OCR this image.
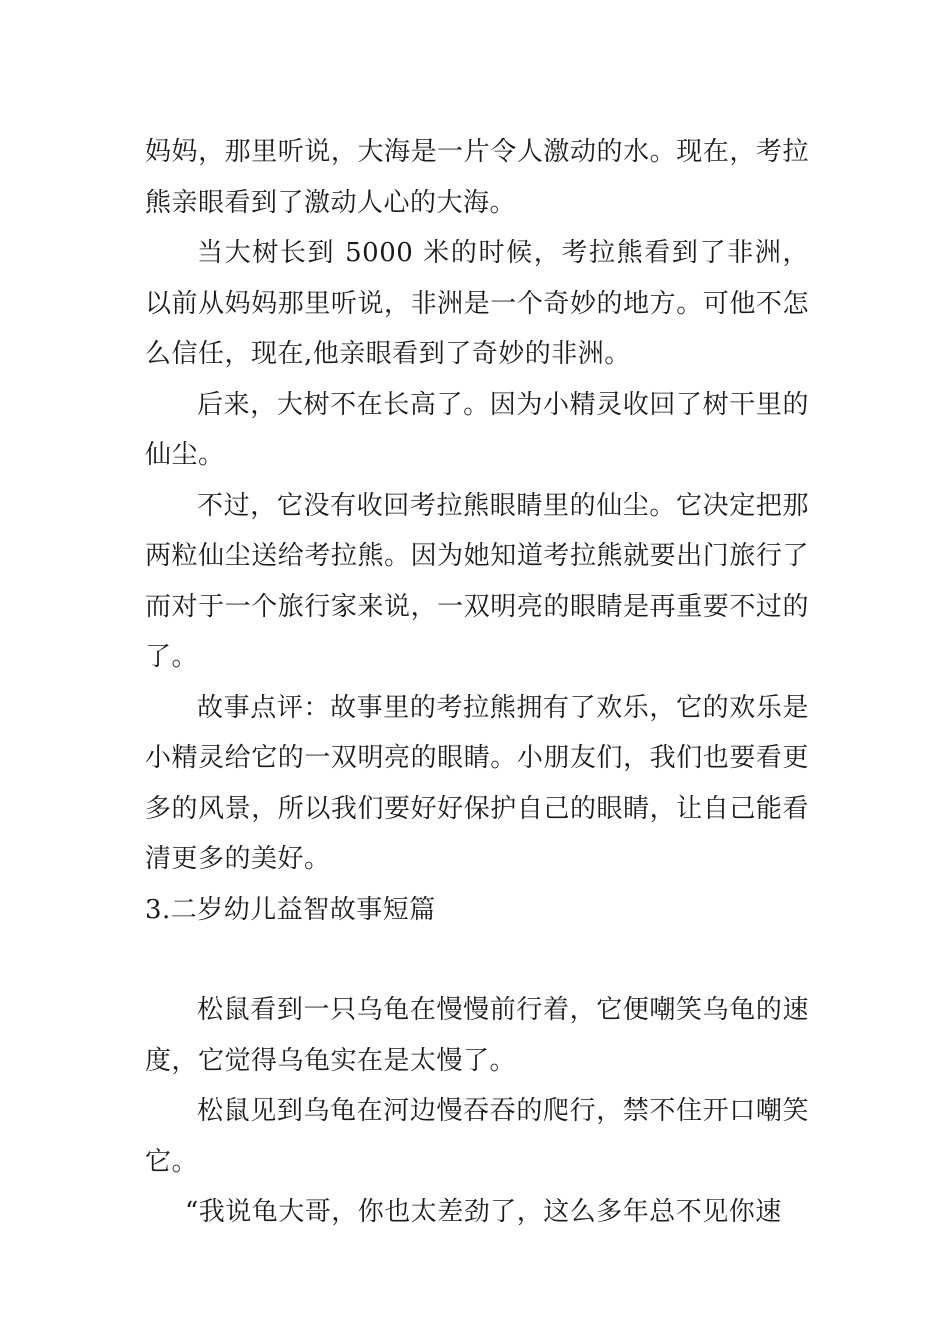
妈妈，那里听说，大海是一片令人激动的水。现在，考拉熊亲眼看到了激动人心的大海。

当大树长到 5000 米的时候，考拉熊看到了非洲，以前从妈妈那里听说，非洲是一个奇妙的地方。可他不怎么信任，现在,他亲眼看到了奇妙的非洲。

后来，大树不在长高了。因为小精灵收回了树干里的仙尘。

不过，它没有收回考拉熊眼睛里的仙尘。它决定把那两粒仙尘送给考拉熊。因为她知道考拉熊就要出门旅行了而对于一个旅行家来说，一双明亮的眼睛是再重要不过的了。

故事点评：故事里的考拉熊拥有了欢乐，它的欢乐是小精灵给它的一双明亮的眼睛。小朋友们，我们也要看更多的风景，所以我们要好好保护自己的眼睛，让自己能看清更多的美好。

3.二岁幼儿益智故事短篇

松鼠看到一只乌龟在慢慢前行着，它便嘲笑乌龟的速度，它觉得乌龟实在是太慢了。

松鼠见到乌龟在河边慢吞吞的爬行，禁不住开口嘲笑它。

“我说龟大哥，你也太差劲了，这么多年总不见你速
